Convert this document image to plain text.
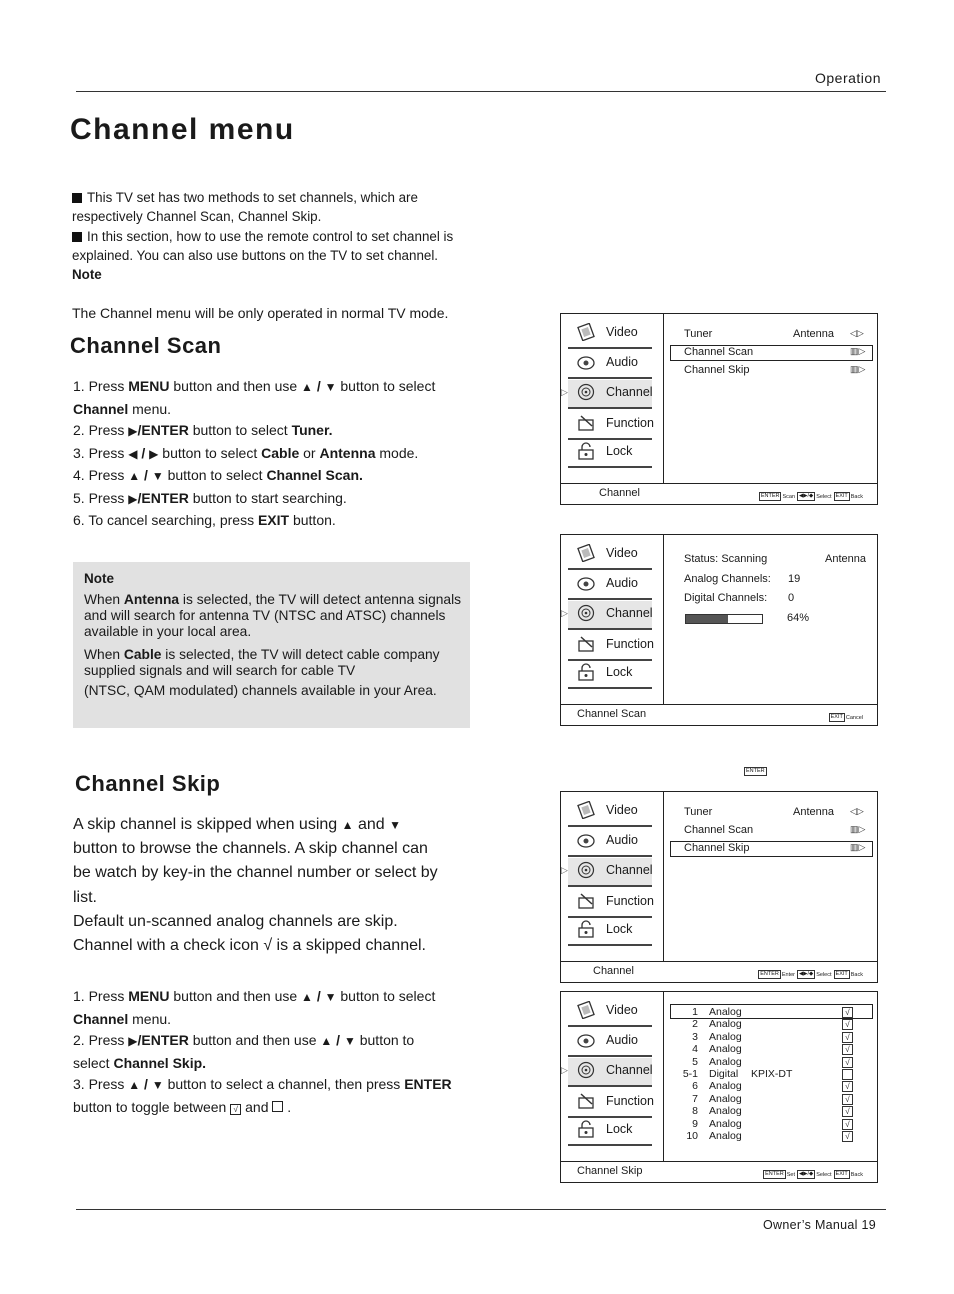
Operation
Channel menu

This TV set has two methods to set channels, which are respectively Channel Scan, Channel Skip.

In this section, how to use the remote control to set channel is explained. You can also use buttons on the TV to set channel.

Note

The Channel menu will be only operated in normal TV mode.
Channel Scan

1. Press MENU button and then use ▲ / ▼ button to select
Channel menu.

2. Press ▶/ENTER button to select Tuner.

3. Press ◀ / ▶ button to select Cable or Antenna mode.

4. Press ▲ / ▼ button to select Channel Scan.

5. Press ▶/ENTER button to start searching.

6. To cancel searching, press EXIT button.

Note

When Antenna is selected, the TV will detect antenna signals and will search for antenna TV (NTSC and ATSC) channels available in your local area.

When Cable is selected, the TV will detect cable company supplied signals and will search for cable TV

(NTSC, QAM modulated) channels available in your Area.

Channel Skip

A skip channel is skipped when using ▲ and ▼

button to browse the channels. A skip channel can

be watch by key-in the channel number or select by

list.

Default un-scanned analog channels are skip.

Channel with a check icon √ is a skipped channel.

1. Press MENU button and then use ▲ / ▼ button to select
Channel menu.

2. Press ▶/ENTER button and then use ▲ / ▼ button to
select Channel Skip.

3. Press ▲ / ▼ button to select a channel, then press ENTER
button to toggle between √ and  .

Video
Audio
▷	Channel
Function
Lock
Tuner	Antenna ◁▷
Channel Scan	▥▷
Channel Skip	▥▷
Channel	ENTER Scan ◀▶/◆ Select EXIT Back
Video
Audio
▷	Channel
Function
Lock
Status: Scanning	Antenna
Analog Channels: 19
Digital Channels: 0
64%
Channel Scan	EXIT Cancel
ENTER
Video
Audio
▷	Channel
Function
Lock
Tuner	Antenna ◁▷
Channel Scan	▥▷
Channel Skip	▥▷
Channel	ENTER Enter ◀▶/◆ Select EXIT Back
Video
Audio
▷	Channel
Function
Lock
1 Analog	√
2 Analog	√
3 Analog	√
4 Analog	√
5 Analog	√
5-1 Digital KPIX-DT
6 Analog	√
7 Analog	√
8 Analog	√
9 Analog	√
10 Analog	√
Channel Skip	ENTER Set ◀▶/◆ Select EXIT Back
Owner’s Manual 19
